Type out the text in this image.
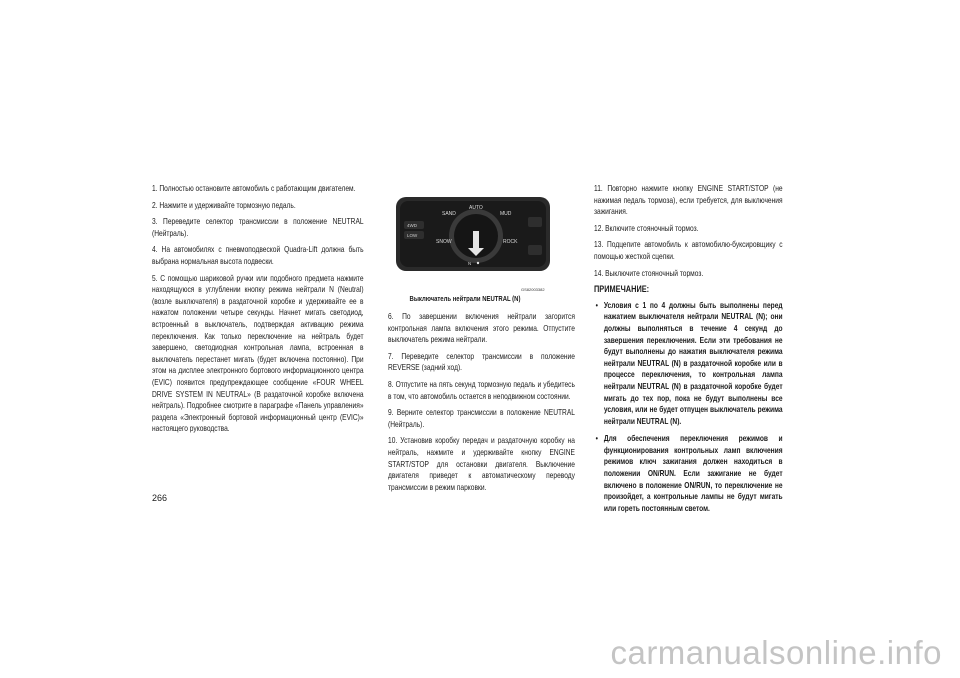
1. Полностью остановите автомобиль с работающим двигателем.

2. Нажмите и удерживайте тормозную педаль.

3. Переведите селектор трансмиссии в положение NEUTRAL (Нейтраль).

4. На автомобилях с пневмоподвеской Quadra-Lift должна быть выбрана нормальная высота подвески.

5. С помощью шариковой ручки или подобного предмета нажмите находящуюся в углублении кнопку режима нейтрали N (Neutral) (возле выключателя) в раздаточной коробке и удерживайте ее в нажатом положении четыре секунды. Начнет мигать светодиод, встроенный в выключатель, подтверждая активацию режима переключения. Как только переключение на нейтраль будет завершено, светодиодная контрольная лампа, встроенная в выключатель перестанет мигать (будет включена постоянно). При этом на дисплее электронного бортового информационного центра (EVIC) появится предупреждающее сообщение «FOUR WHEEL DRIVE SYSTEM IN NEUTRAL» (В раздаточной коробке включена нейтраль). Подробнее смотрите в параграфе «Панель управления» раздела «Электронный бортовой информационный центр (EVIC)» настоящего руководства.

SAND
AUTO
MUD
SNOW	ROCK
4WD
LOW
N
GS82003382
Выключатель нейтрали NEUTRAL (N)

6. По завершении включения нейтрали загорится контрольная лампа включения этого режима. Отпустите выключатель режима нейтрали.

7. Переведите селектор трансмиссии в положение REVERSE (задний ход).

8. Отпустите на пять секунд тормозную педаль и убедитесь в том, что автомобиль остается в неподвижном состоянии.

9. Верните селектор трансмиссии в положение NEUTRAL (Нейтраль).

10. Установив коробку передач и раздаточную коробку на нейтраль, нажмите и удерживайте кнопку ENGINE START/STOP для остановки двигателя. Выключение двигателя приведет к автоматическому переводу трансмиссии в режим парковки.

11. Повторно нажмите кнопку ENGINE START/STOP (не нажимая педаль тормоза), если требуется, для выключения зажигания.

12. Включите стояночный тормоз.

13. Подцепите автомобиль к автомобилю-буксировщику с помощью жесткой сцепки.

14. Выключите стояночный тормоз.

ПРИМЕЧАНИЕ:
• Условия с 1 по 4 должны быть выполнены перед нажатием выключателя нейтрали NEUTRAL (N); они должны выполняться в течение 4 секунд до завершения переключения. Если эти требования не будут выполнены до нажатия выключателя режима нейтрали NEUTRAL (N) в раздаточной коробке или в процессе переключения, то контрольная лампа нейтрали NEUTRAL (N) в раздаточной коробке будет мигать до тех пор, пока не будут выполнены все условия, или не будет отпущен выключатель режима нейтрали NEUTRAL (N).
• Для обеспечения переключения режимов и функционирования контрольных ламп включения режимов ключ зажигания должен находиться в положении ON/RUN. Если зажигание не будет включено в положение ON/RUN, то переключение не произойдет, а контрольные лампы не будут мигать или гореть постоянным светом.
266
carmanualsonline.info
